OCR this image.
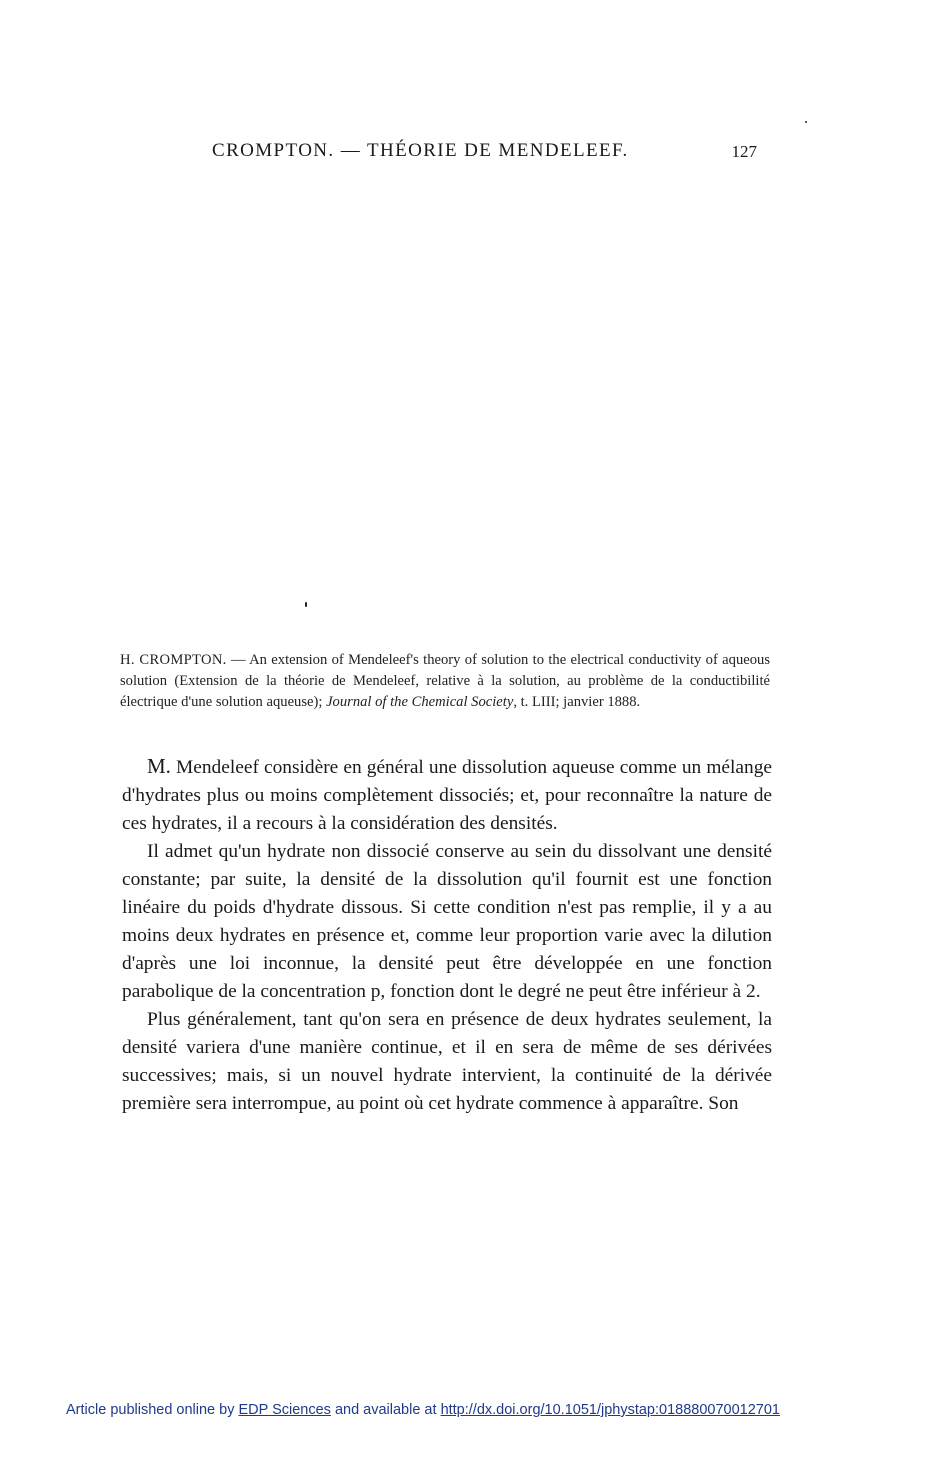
CROMPTON. — THÉORIE DE MENDELEEF.	127
H. CROMPTON. — An extension of Mendeleef's theory of solution to the electrical conductivity of aqueous solution (Extension de la théorie de Mendeleef, relative à la solution, au problème de la conductibilité électrique d'une solution aqueuse); Journal of the Chemical Society, t. LIII; janvier 1888.

M. Mendeleef considère en général une dissolution aqueuse comme un mélange d'hydrates plus ou moins complètement dissociés; et, pour reconnaître la nature de ces hydrates, il a recours à la considération des densités.

Il admet qu'un hydrate non dissocié conserve au sein du dissolvant une densité constante; par suite, la densité de la dissolution qu'il fournit est une fonction linéaire du poids d'hydrate dissous. Si cette condition n'est pas remplie, il y a au moins deux hydrates en présence et, comme leur proportion varie avec la dilution d'après une loi inconnue, la densité peut être développée en une fonction parabolique de la concentration p, fonction dont le degré ne peut être inférieur à 2.

Plus généralement, tant qu'on sera en présence de deux hydrates seulement, la densité variera d'une manière continue, et il en sera de même de ses dérivées successives; mais, si un nouvel hydrate intervient, la continuité de la dérivée première sera interrompue, au point où cet hydrate commence à apparaître. Son

Article published online by EDP Sciences and available at http://dx.doi.org/10.1051/jphystap:018880070012701
